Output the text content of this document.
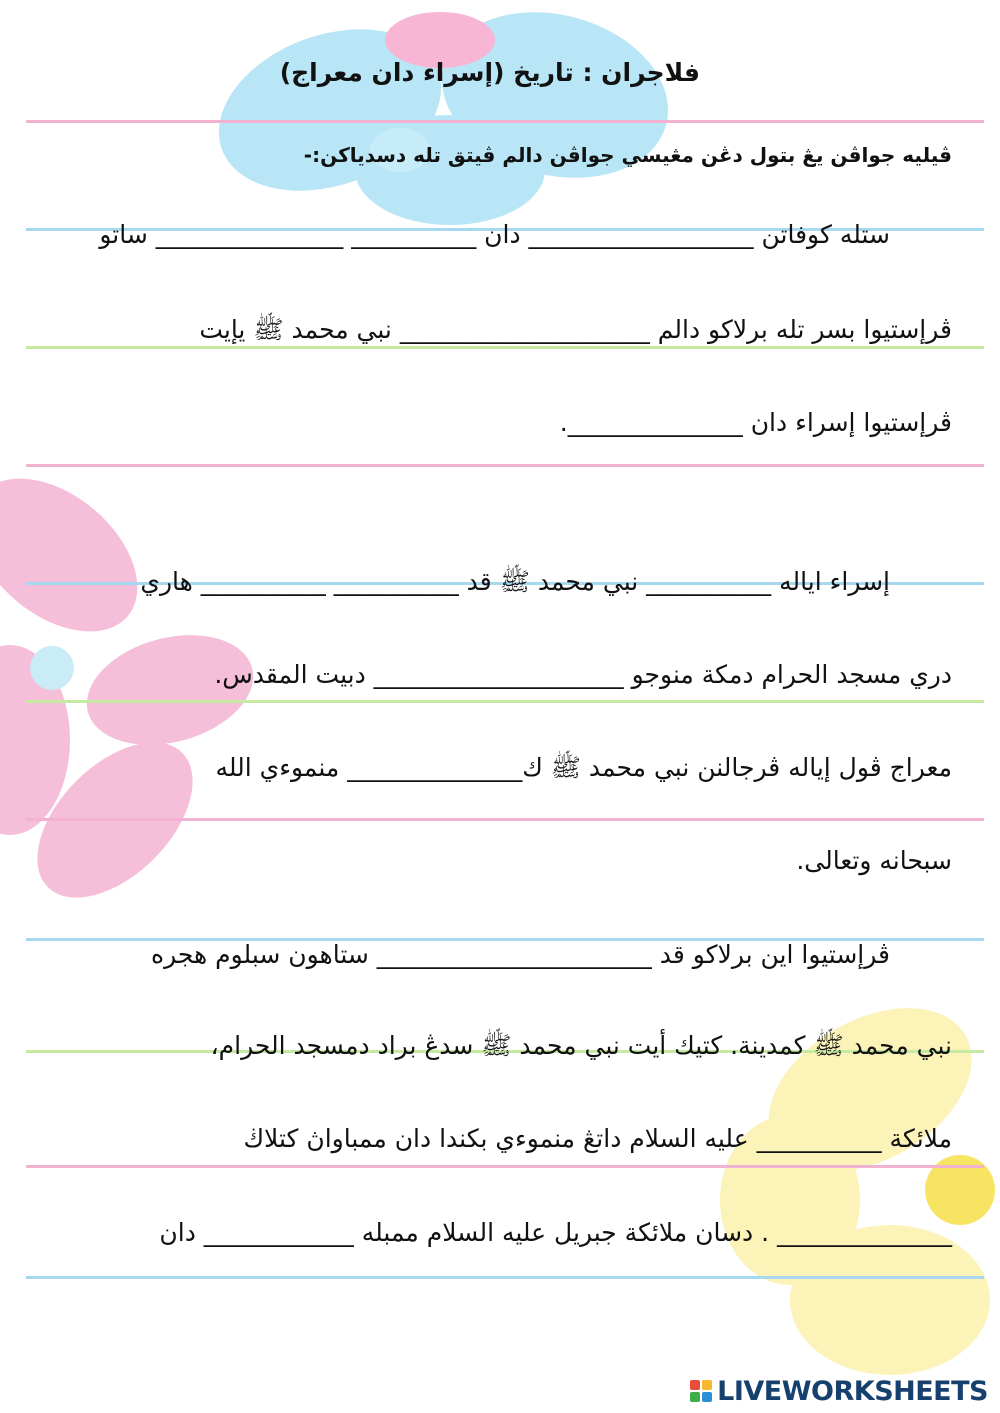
فلاجران : تاريخ (إسراء دان معراج)
ڤيليه جواڤن يڠ بتول دڠن مڠيسي جواڤن دالم ڤيتق تله دسدياكن:-
ستله كوفاتن __________________ دان __________ _______________ ساتو
ڤرإستيوا بسر تله برلاكو دالم ____________________ نبي محمد ﷺ يإيت
ڤرإستيوا إسراء دان ______________.
إسراء اياله __________ نبي محمد ﷺ قد __________ __________ هاري
دري مسجد الحرام دمكة منوجو ____________________ دبيت المقدس.
معراج ڤول إياله ڤرجالنن نبي محمد ﷺ ك______________ منموءي الله
سبحانه وتعالى.
ڤرإستيوا اين برلاكو قد ______________________ ستاهون سبلوم هجره
نبي محمد ﷺ كمدينة. كتيك أيت نبي محمد ﷺ سدڠ براد دمسجد الحرام،
ملائكة __________ عليه السلام داتڠ منموءي بكندا دان ممباواڽ كتلاڬ
______________ . دسان ملائكة جبريل عليه السلام ممبله ____________ دان
LIVEWORKSHEETS
